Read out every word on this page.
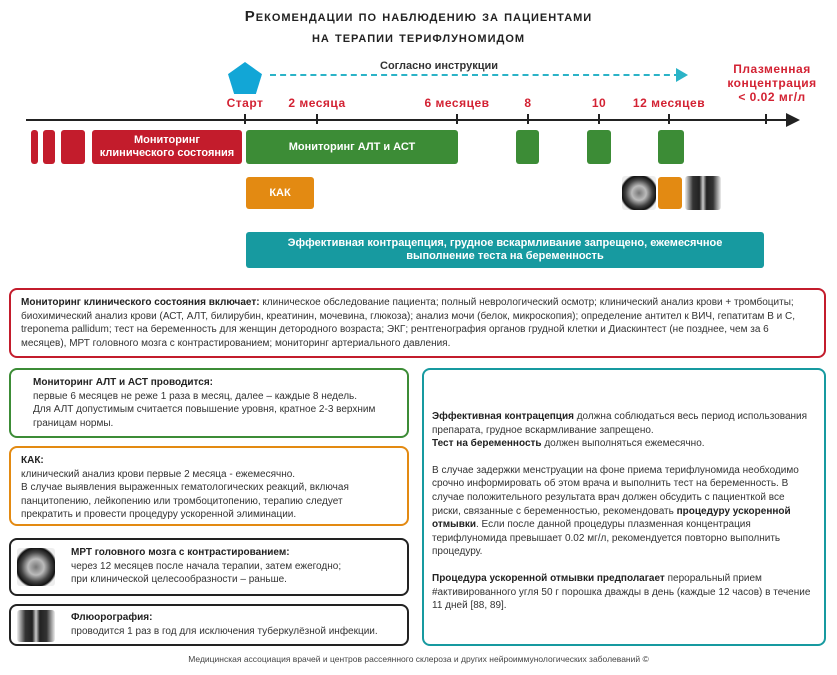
Рекомендации по наблюдению за пациентами
на терапии терифлуномидом
Согласно инструкции	Плазменная
концентрация
< 0.02 мг/л
Старт 2 месяца	6 месяцев	8	10 12 месяцев
Мониторинг клинического состояния
Мониторинг АЛТ и АСТ
КАК
Эффективная контрацепция, грудное вскармливание запрещено, ежемесячное выполнение теста на беременность
Мониторинг клинического состояния включает: клиническое обследование пациента; полный неврологический осмотр; клинический анализ крови + тромбоциты; биохимический анализ крови (АСТ, АЛТ, билирубин, креатинин, мочевина, глюкоза); анализ мочи (белок, микроскопия); определение антител к ВИЧ, гепатитам В и С, treponema pallidum; тест на беременность для женщин детородного возраста; ЭКГ; рентгенография органов грудной клетки и Диаскинтест (не позднее, чем за 6 месяцев), МРТ головного мозга с контрастированием; мониторинг артериального давления.
Мониторинг АЛТ и АСТ проводится:
первые 6 месяцев не реже 1 раза в месяц, далее – каждые 8 недель.
Для АЛТ допустимым считается повышение уровня, кратное 2-3 верхним границам нормы.
КАК:
клинический анализ крови первые 2 месяца - ежемесячно.
В случае выявления выраженных гематологических реакций, включая панцитопению, лейкопению или тромбоцитопению, терапию следует прекратить и провести процедуру ускоренной элиминации.
МРТ головного мозга с контрастированием:
через 12 месяцев после начала терапии, затем ежегодно;
при клинической целесообразности – раньше.
Флюорография:
проводится 1 раз в год для исключения туберкулёзной инфекции.

Эффективная контрацепция должна соблюдаться весь период использования препарата, грудное вскармливание запрещено.

Тест на беременность должен выполняться ежемесячно.

В случае задержки менструации на фоне приема терифлуномида необходимо срочно информировать об этом врача и выполнить тест на беременность. В случае положительного результата врач должен обсудить с пациенткой все риски, связанные с беременностью, рекомендовать процедуру ускоренной отмывки. Если после данной процедуры плазменная концентрация терифлуномида превышает 0.02 мг/л, рекомендуется повторно выполнить процедуру.

Процедура ускоренной отмывки предполагает пероральный прием #активированного угля 50 г порошка дважды в день (каждые 12 часов) в течение 11 дней [88, 89].

Медицинская ассоциация врачей и центров рассеянного склероза и других нейроиммунологических заболеваний ©
